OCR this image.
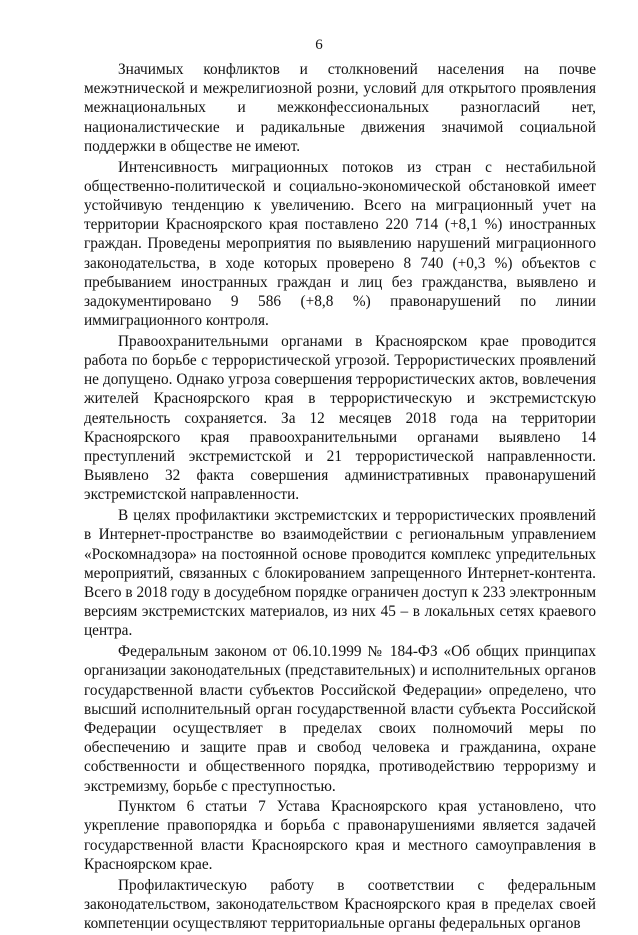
6

Значимых конфликтов и столкновений населения на почве межэтнической и межрелигиозной розни, условий для открытого проявления межнациональных и межконфессиональных разногласий нет, националистические и радикальные движения значимой социальной поддержки в обществе не имеют.

Интенсивность миграционных потоков из стран с нестабильной общественно-политической и социально-экономической обстановкой имеет устойчивую тенденцию к увеличению. Всего на миграционный учет на территории Красноярского края поставлено 220 714 (+8,1 %) иностранных граждан. Проведены мероприятия по выявлению нарушений миграционного законодательства, в ходе которых проверено 8 740 (+0,3 %) объектов с пребыванием иностранных граждан и лиц без гражданства, выявлено и задокументировано 9 586 (+8,8 %) правонарушений по линии иммиграционного контроля.

Правоохранительными органами в Красноярском крае проводится работа по борьбе с террористической угрозой. Террористических проявлений не допущено. Однако угроза совершения террористических актов, вовлечения жителей Красноярского края в террористическую и экстремистскую деятельность сохраняется. За 12 месяцев 2018 года на территории Красноярского края правоохранительными органами выявлено 14 преступлений экстремистской и 21 террористической направленности. Выявлено 32 факта совершения административных правонарушений экстремистской направленности.

В целях профилактики экстремистских и террористических проявлений в Интернет-пространстве во взаимодействии с региональным управлением «Роскомнадзора» на постоянной основе проводится комплекс упредительных мероприятий, связанных с блокированием запрещенного Интернет-контента. Всего в 2018 году в досудебном порядке ограничен доступ к 233 электронным версиям экстремистских материалов, из них 45 – в локальных сетях краевого центра.

Федеральным законом от 06.10.1999 № 184-ФЗ «Об общих принципах организации законодательных (представительных) и исполнительных органов государственной власти субъектов Российской Федерации» определено, что высший исполнительный орган государственной власти субъекта Российской Федерации осуществляет в пределах своих полномочий меры по обеспечению и защите прав и свобод человека и гражданина, охране собственности и общественного порядка, противодействию терроризму и экстремизму, борьбе с преступностью.

Пунктом 6 статьи 7 Устава Красноярского края установлено, что укрепление правопорядка и борьба с правонарушениями является задачей государственной власти Красноярского края и местного самоуправления в Красноярском крае.

Профилактическую работу в соответствии с федеральным законодательством, законодательством Красноярского края в пределах своей компетенции осуществляют территориальные органы федеральных органов
